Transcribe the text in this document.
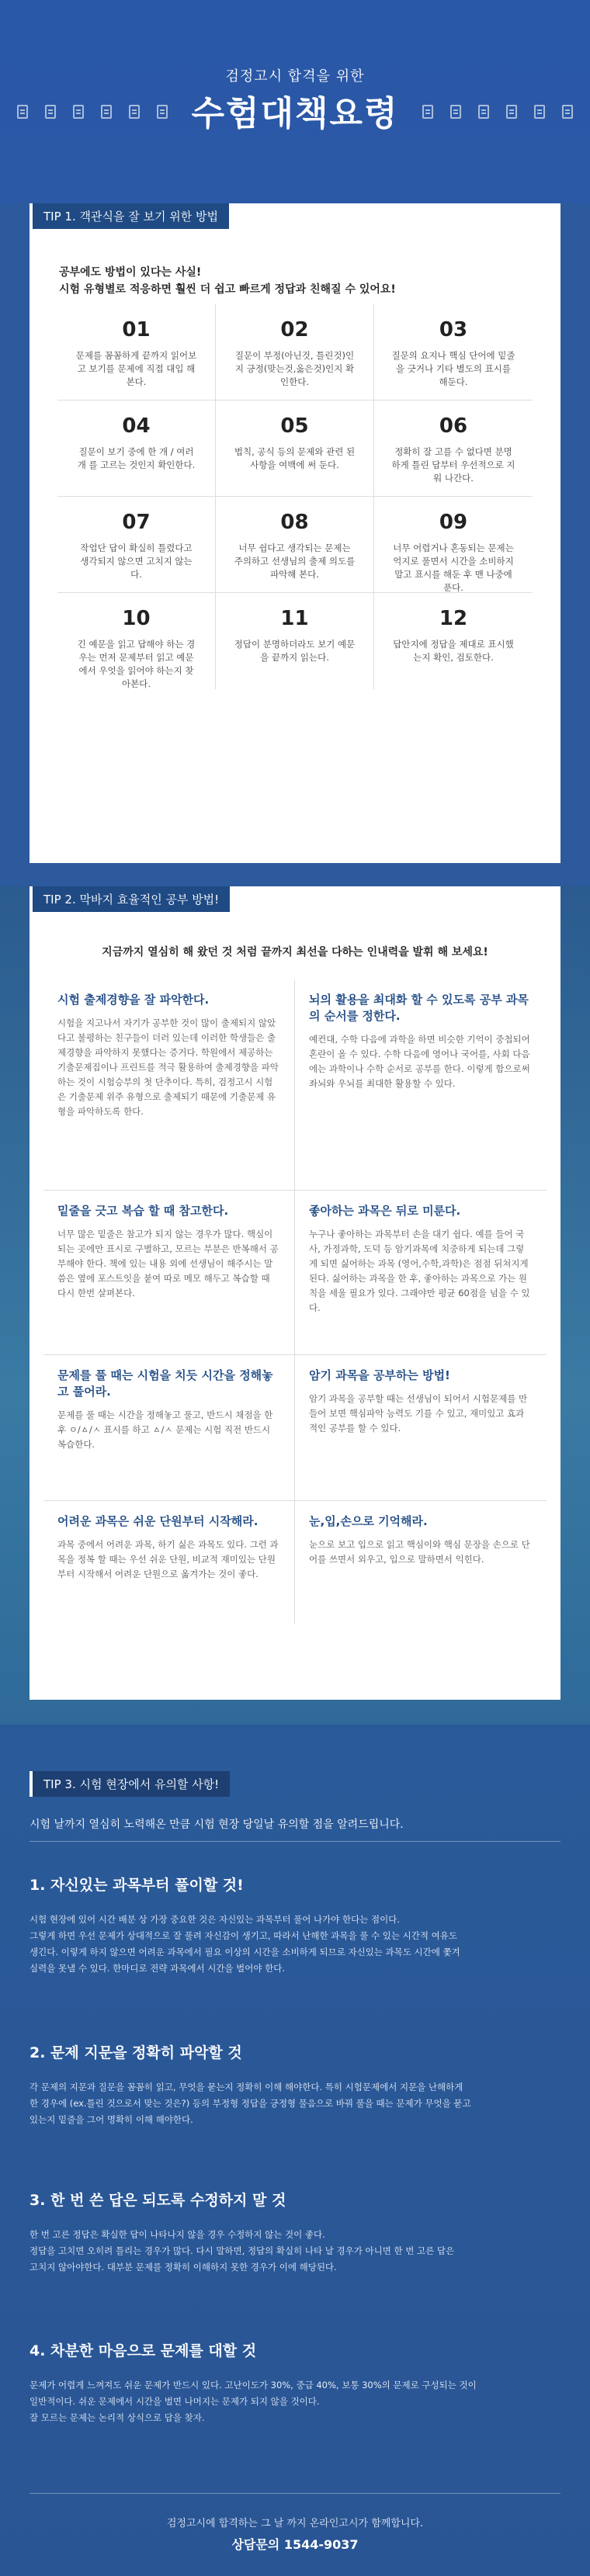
검정고시 합격을 위한
수험대책요령
TIP 1. 객관식을 잘 보기 위한 방법
공부에도 방법이 있다는 사실!
시험 유형별로 적응하면 훨씬 더 쉽고 빠르게 정답과 친해질 수 있어요!
01
문제를 꼼꼼하게 끝까지 읽어보고 보기를 문제에 직접 대입 해 본다.
02
질문이 부정(아닌것, 틀린것)인지 긍정(맞는것,옳은것)인지 확인한다.
03
질문의 요지나 핵심 단어에 밑줄을 긋거나 기타 별도의 표시를 해둔다.
04
질문이 보기 중에 한 개 / 여러개 를 고르는 것인지 확인한다.
05
법칙, 공식 등의 문제와 관련 된 사항을 여백에 써 둔다.
06
정확히 잘 고를 수 없다면 분명하게 틀린 답부터 우선적으로 지워 나간다.
07
작업단 답이 확실히 틀렸다고 생각되지 않으면 고치지 않는다.
08
너무 쉽다고 생각되는 문제는 주의하고 선생님의 출제 의도를 파악해 본다.
09
너무 어렵거나 혼동되는 문제는 억지로 풀면서 시간을 소비하지 말고 표시를 해둔 후 맨 나중에 푼다.
10
긴 예문을 읽고 답해야 하는 경우는 먼저 문제부터 읽고 예문에서 우엇을 읽어야 하는지 찾아본다.
11
정답이 분명하더라도 보기 예문을 끝까지 읽는다.
12
답안지에 정답을 제대로 표시했는지 확인, 검토한다.
TIP 2. 막바지 효율적인 공부 방법!
지금까지 열심히 해 왔던 것 처럼 끝까지 최선을 다하는 인내력을 발휘 해 보세요!
시험 출제경향을 잘 파악한다.
시험을 지고나서 자기가 공부한 것이 많이 출제되지 않았다고 불평하는 친구들이 더러 있는데 이러한 학생들은 출제경향을 파악하지 못했다는 증거다. 학원에서 제공하는 기출문제집이나 프린트를 적극 활용하여 출제경향을 파악하는 것이 시험승부의 첫 단추이다. 특히, 검정고시 시험은 기출문제 위주 유형으로 출제되기 때문에 기출문제 유형을 파악하도록 한다.
뇌의 활용을 최대화 할 수 있도록 공부 과목의 순서를 정한다.
예컨대, 수학 다음에 과학을 하면 비슷한 기억이 중첩되어 혼란이 올 수 있다. 수학 다음에 영어나 국어를, 사회 다음에는 과학이나 수학 순서로 공부를 한다. 이렇게 함으로써 좌뇌와 우뇌를 최대한 활용할 수 있다.
밑줄을 긋고 복습 할 때 참고한다.
너무 많은 밑줄은 참고가 되지 않는 경우가 많다. 핵심이 되는 곳에만 표시로 구별하고, 모르는 부분은 반복해서 공부해야 한다. 책에 있는 내용 외에 선생님이 해주시는 말씀은 옆에 포스트잇을 붙여 따로 메모 해두고 복습할 때 다시 한번 살펴본다.
좋아하는 과목은 뒤로 미룬다.
누구나 좋아하는 과목부터 손을 대기 쉽다. 예를 들어 국사, 가정과학, 도덕 등 암기과목에 치중하게 되는데 그렇게 되면 싫어하는 과목 (영어,수학,과학)은 점점 뒤쳐지게 된다. 싫어하는 과목을 한 후, 좋아하는 과목으로 가는 원칙을 세울 필요가 있다. 그래야만 평균 60점을 넘을 수 있다.
문제를 풀 때는 시험을 치듯 시간을 정해놓고 풀어라.
문제를 풀 때는 시간을 정해놓고 풀고, 반드시 채점을 한 후 ㅇ/ㅿ/ㅅ 표시를 하고 ㅿ/ㅅ 문제는 시험 직전 반드시 복습한다.
암기 과목을 공부하는 방법!
암기 과목을 공부할 때는 선생님이 되어서 시험문제를 만들어 보면 핵심파악 능력도 기를 수 있고, 재미있고 효과적인 공부를 할 수 있다.
어려운 과목은 쉬운 단원부터 시작해라.
과목 중에서 어려운 과목, 하기 싫은 과목도 있다. 그런 과목을 정복 할 때는 우선 쉬운 단원, 비교적 재미있는 단원부터 시작해서 어려운 단원으로 옮겨가는 것이 좋다.
눈,입,손으로 기억해라.
눈으로 보고 입으로 읽고 핵심이와 핵심 문장을 손으로 단어를 쓰면서 외우고, 입으로 말하면서 익힌다.
TIP 3. 시험 현장에서 유의할 사항!
시험 날까지 열심히 노력해온 만큼 시험 현장 당일날 유의할 점을 알려드립니다.
1. 자신있는 과목부터 풀이할 것!
시험 현장에 있어 시간 배분 상 가장 중요한 것은 자신있는 과목부터 풀어 나가야 한다는 점이다.
그렇게 하면 우선 문제가 상대적으로 잘 풀려 자신감이 생기고, 따라서 난해한 과목을 풀 수 있는 시간적 여유도
생긴다. 이렇게 하지 않으면 어려운 과목에서 필요 이상의 시간을 소비하게 되므로 자신있는 과목도 시간에 쫓겨
실력을 못낼 수 있다. 한마디로 전략 과목에서 시간을 벌어야 한다.
2. 문제 지문을 정확히 파악할 것
각 문제의 지문과 질문을 꼼꼼히 읽고, 무엇을 묻는지 정확히 이해 해야한다. 특히 시험문제에서 지문을 난해하게
한 경우에 (ex.틀린 것으로서 맞는 것은?) 등의 부정형 정답을 긍정형 물음으로 바꿔 풀을 때는 문제가 무엇을 묻고
있는지 밑줄을 그어 명확히 이해 해야한다.
3. 한 번 쓴 답은 되도록 수정하지 말 것
한 번 고른 정답은 확실한 답이 나타나지 않을 경우 수정하지 않는 것이 좋다.
정답을 고치면 오히려 틀리는 경우가 많다. 다시 말하면, 정답의 확실히 나타 날 경우가 아니면 한 번 고른 답은
고치지 않아야한다. 대부분 문제를 정확히 이해하지 못한 경우가 이에 해당된다.
4. 차분한 마음으로 문제를 대할 것
문제가 어렵게 느껴져도 쉬운 문제가 반드시 있다. 고난이도가 30%, 중급 40%, 보통 30%의 문제로 구성되는 것이
일반적이다. 쉬운 문제에서 시간을 벌면 나머지는 문제가 되지 않을 것이다.
잘 모르는 문제는 논리적 상식으로 답을 찾자.
검정고시에 합격하는 그 날 까지 온라인고시가 함께합니다.
상담문의 1544-9037
